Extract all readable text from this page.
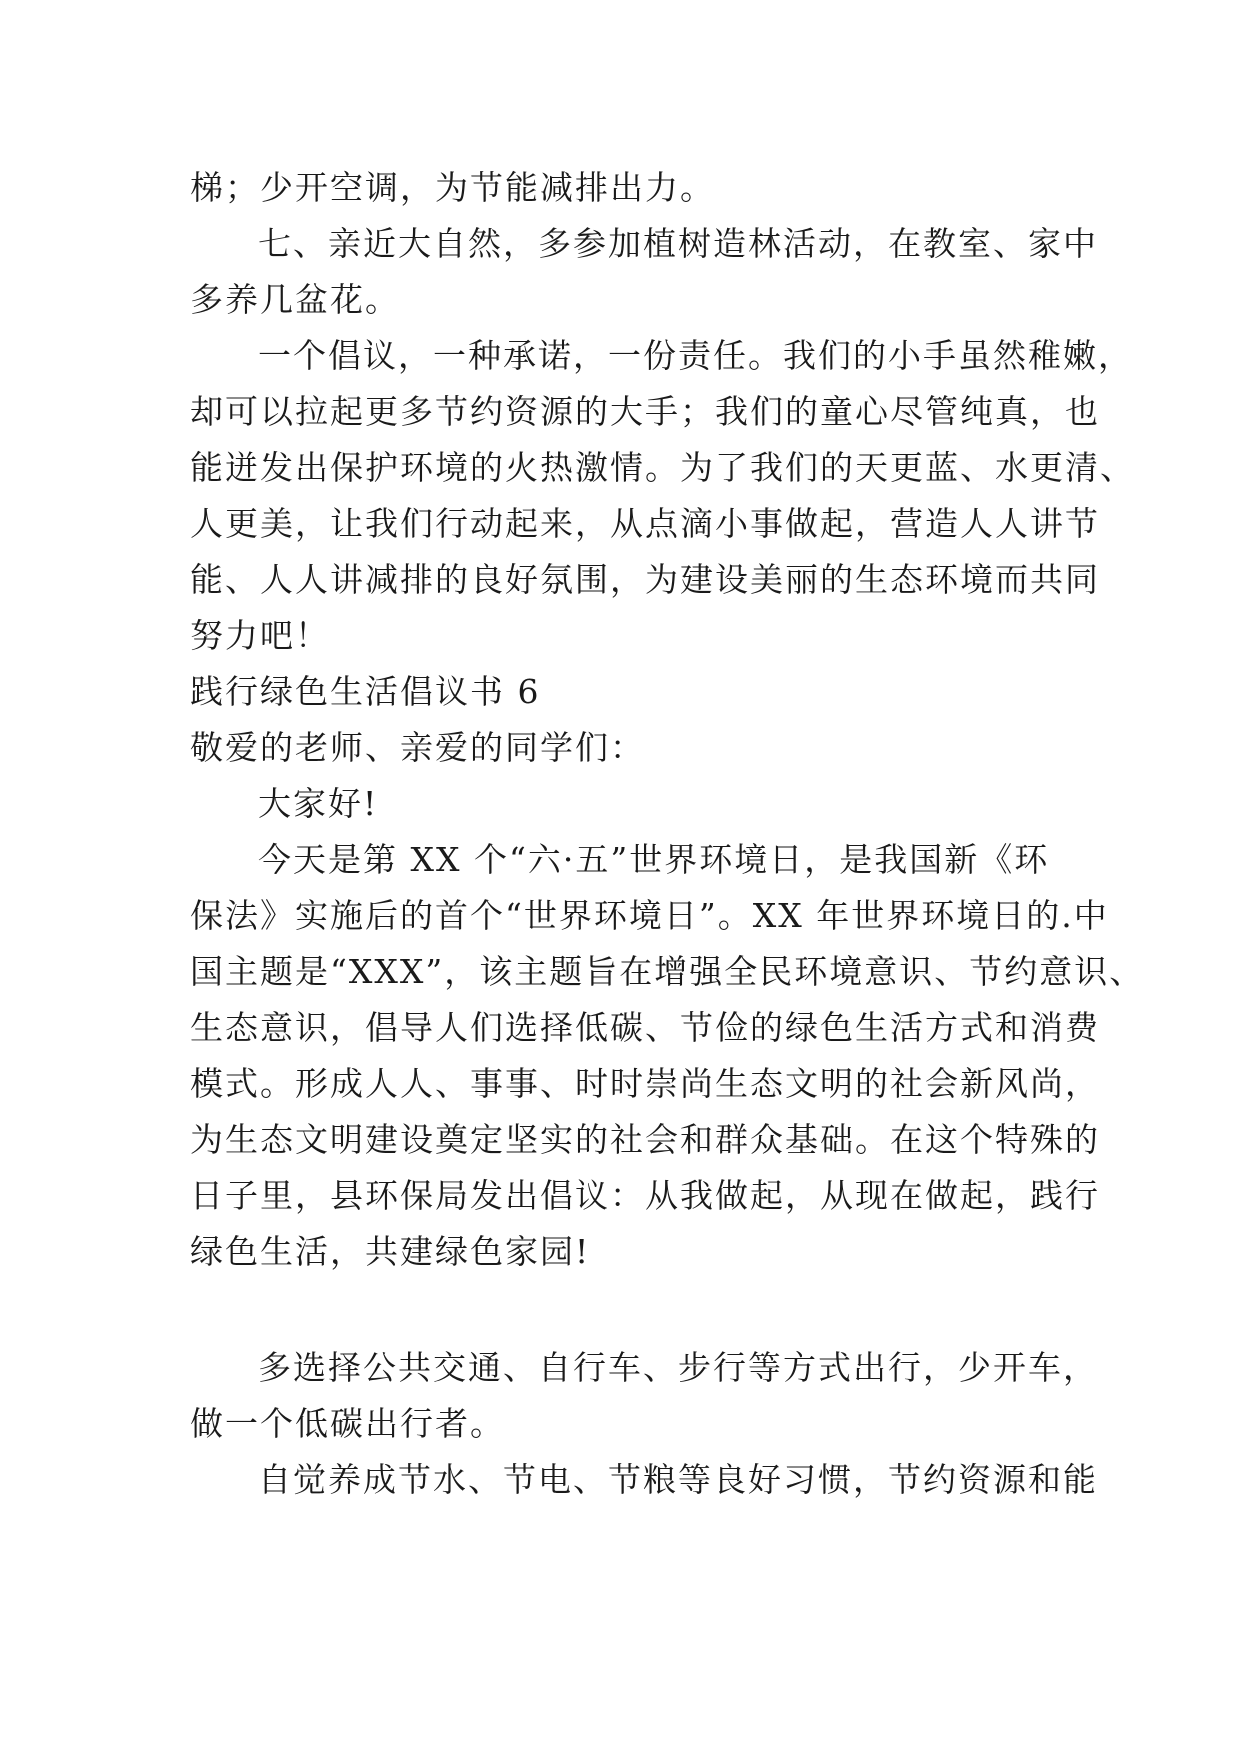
梯；少开空调，为节能减排出力。
七、亲近大自然，多参加植树造林活动，在教室、家中
多养几盆花。
一个倡议，一种承诺，一份责任。我们的小手虽然稚嫩，
却可以拉起更多节约资源的大手；我们的童心尽管纯真，也
能迸发出保护环境的火热激情。为了我们的天更蓝、水更清、
人更美，让我们行动起来，从点滴小事做起，营造人人讲节
能、人人讲减排的良好氛围，为建设美丽的生态环境而共同
努力吧！
践行绿色生活倡议书 6
敬爱的老师、亲爱的同学们：
大家好!
今天是第 XX 个“六·五”世界环境日，是我国新《环
保法》实施后的首个“世界环境日”。XX 年世界环境日的.中
国主题是“XXX”，该主题旨在增强全民环境意识、节约意识、
生态意识，倡导人们选择低碳、节俭的绿色生活方式和消费
模式。形成人人、事事、时时崇尚生态文明的社会新风尚，
为生态文明建设奠定坚实的社会和群众基础。在这个特殊的
日子里，县环保局发出倡议：从我做起，从现在做起，践行
绿色生活，共建绿色家园!
多选择公共交通、自行车、步行等方式出行，少开车，
做一个低碳出行者。
自觉养成节水、节电、节粮等良好习惯，节约资源和能
